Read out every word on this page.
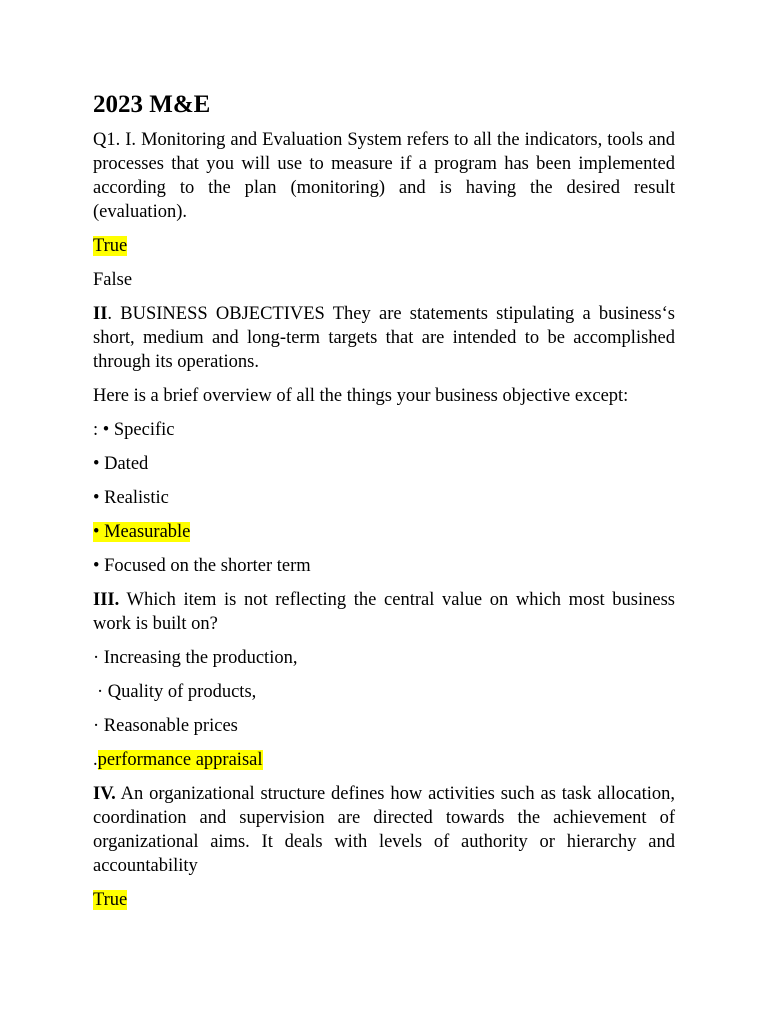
2023 M&E

Q1. I. Monitoring and Evaluation System refers to all the indicators, tools and processes that you will use to measure if a program has been implemented according to the plan (monitoring) and is having the desired result (evaluation).

True

False

II. BUSINESS OBJECTIVES They are statements stipulating a business‘s short, medium and long-term targets that are intended to be accomplished through its operations.

Here is a brief overview of all the things your business objective except:

: • Specific

• Dated

• Realistic

• Measurable

• Focused on the shorter term

III. Which item is not reflecting the central value on which most business work is built on?

· Increasing the production,

· Quality of products,

· Reasonable prices

.performance appraisal

IV. An organizational structure defines how activities such as task allocation, coordination and supervision are directed towards the achievement of organizational aims. It deals with levels of authority or hierarchy and accountability

True
